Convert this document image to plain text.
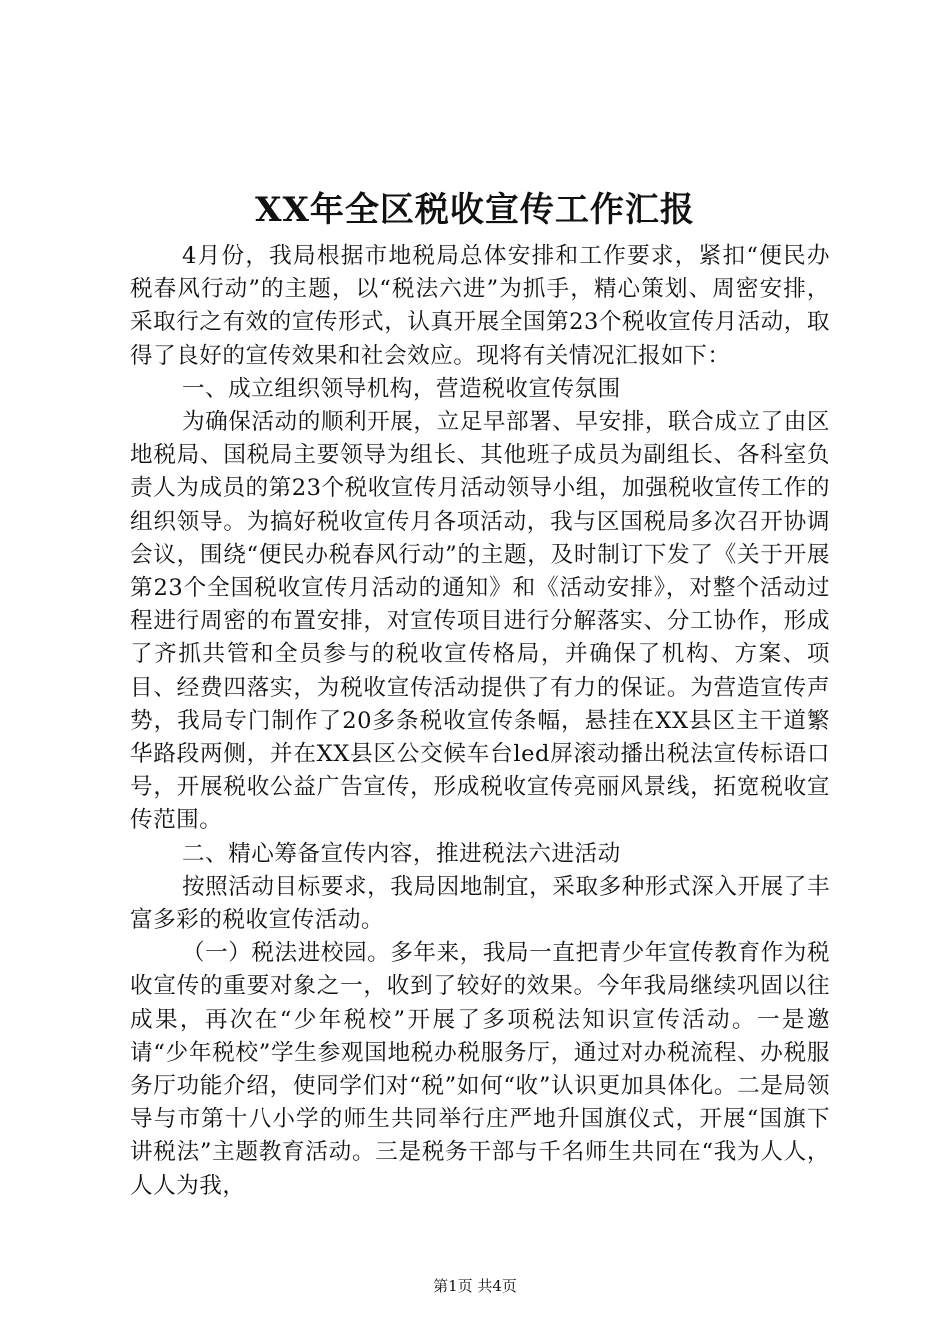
XX年全区税收宣传工作汇报

4月份，我局根据市地税局总体安排和工作要求，紧扣“便民办税春风行动”的主题，以“税法六进”为抓手，精心策划、周密安排，采取行之有效的宣传形式，认真开展全国第23个税收宣传月活动，取得了良好的宣传效果和社会效应。现将有关情况汇报如下：

一、成立组织领导机构，营造税收宣传氛围

为确保活动的顺利开展，立足早部署、早安排，联合成立了由区地税局、国税局主要领导为组长、其他班子成员为副组长、各科室负责人为成员的第23个税收宣传月活动领导小组，加强税收宣传工作的组织领导。为搞好税收宣传月各项活动，我与区国税局多次召开协调会议，围绕“便民办税春风行动”的主题，及时制订下发了《关于开展第23个全国税收宣传月活动的通知》和《活动安排》，对整个活动过程进行周密的布置安排，对宣传项目进行分解落实、分工协作，形成了齐抓共管和全员参与的税收宣传格局，并确保了机构、方案、项目、经费四落实，为税收宣传活动提供了有力的保证。为营造宣传声势，我局专门制作了20多条税收宣传条幅，悬挂在XX县区主干道繁华路段两侧，并在XX县区公交候车台led屏滚动播出税法宣传标语口号，开展税收公益广告宣传，形成税收宣传亮丽风景线，拓宽税收宣传范围。

二、精心筹备宣传内容，推进税法六进活动

按照活动目标要求，我局因地制宜，采取多种形式深入开展了丰富多彩的税收宣传活动。

（一）税法进校园。多年来，我局一直把青少年宣传教育作为税收宣传的重要对象之一，收到了较好的效果。今年我局继续巩固以往成果，再次在“少年税校”开展了多项税法知识宣传活动。一是邀请“少年税校”学生参观国地税办税服务厅，通过对办税流程、办税服务厅功能介绍，使同学们对“税”如何“收”认识更加具体化。二是局领导与市第十八小学的师生共同举行庄严地升国旗仪式，开展“国旗下讲税法”主题教育活动。三是税务干部与千名师生共同在“我为人人，人人为我，

第1页 共4页
